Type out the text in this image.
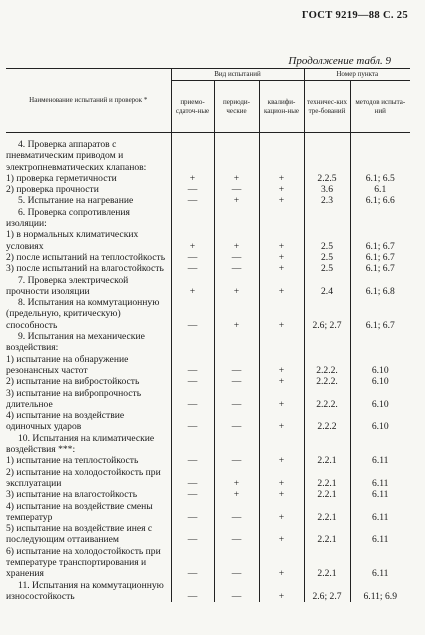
ГОСТ 9219—88 С. 25
Продолжение табл. 9
Наименование испытаний и проверок *	Вид испытаний			Номер пункта	
	приемо-сдаточ-ные	периоди-ческие	квалифи-кацион-ные	техничес-ких тре-бований	методов испыта-ний
4. Проверка аппаратов с пневматическим приводом и электропневматических клапанов:					
1) проверка герметичности	+	+	+	2.2.5	6.1; 6.5
2) проверка прочности	—	—	+	3.6	6.1
5. Испытание на нагревание	—	+	+	2.3	6.1; 6.6
6. Проверка сопротивления изоляции:					
1) в нормальных климатических условиях	+	+	+	2.5	6.1; 6.7
2) после испытаний на теплостойкость	—	—	+	2.5	6.1; 6.7
3) после испытаний на влагостойкость	—	—	+	2.5	6.1; 6.7
7. Проверка электрической прочности изоляции	+	+	+	2.4	6.1; 6.8
8. Испытания на коммутационную (предельную, критическую) способность	—	+	+	2.6; 2.7	6.1; 6.7
9. Испытания на механические воздействия:					
1) испытание на обнаружение резонансных частот	—	—	+	2.2.2.	6.10
2) испытание на вибростойкость	—	—	+	2.2.2.	6.10
3) испытание на вибропрочность длительное	—	—	+	2.2.2.	6.10
4) испытание на воздействие одиночных ударов	—	—	+	2.2.2	6.10
10. Испытания на климатические воздействия ***:					
1) испытание на теплостойкость	—	—	+	2.2.1	6.11
2) испытание на холодостойкость при эксплуатации	—	+	+	2.2.1	6.11
3) испытание на влагостойкость	—	+	+	2.2.1	6.11
4) испытание на воздействие смены температур	—	—	+	2.2.1	6.11
5) испытание на воздействие инея с последующим оттаиванием	—	—	+	2.2.1	6.11
6) испытание на холодостойкость при температуре транспортирования и хранения	—	—	+	2.2.1	6.11
11. Испытания на коммутационную износостойкость	—	—	+	2.6; 2.7	6.11; 6.9
